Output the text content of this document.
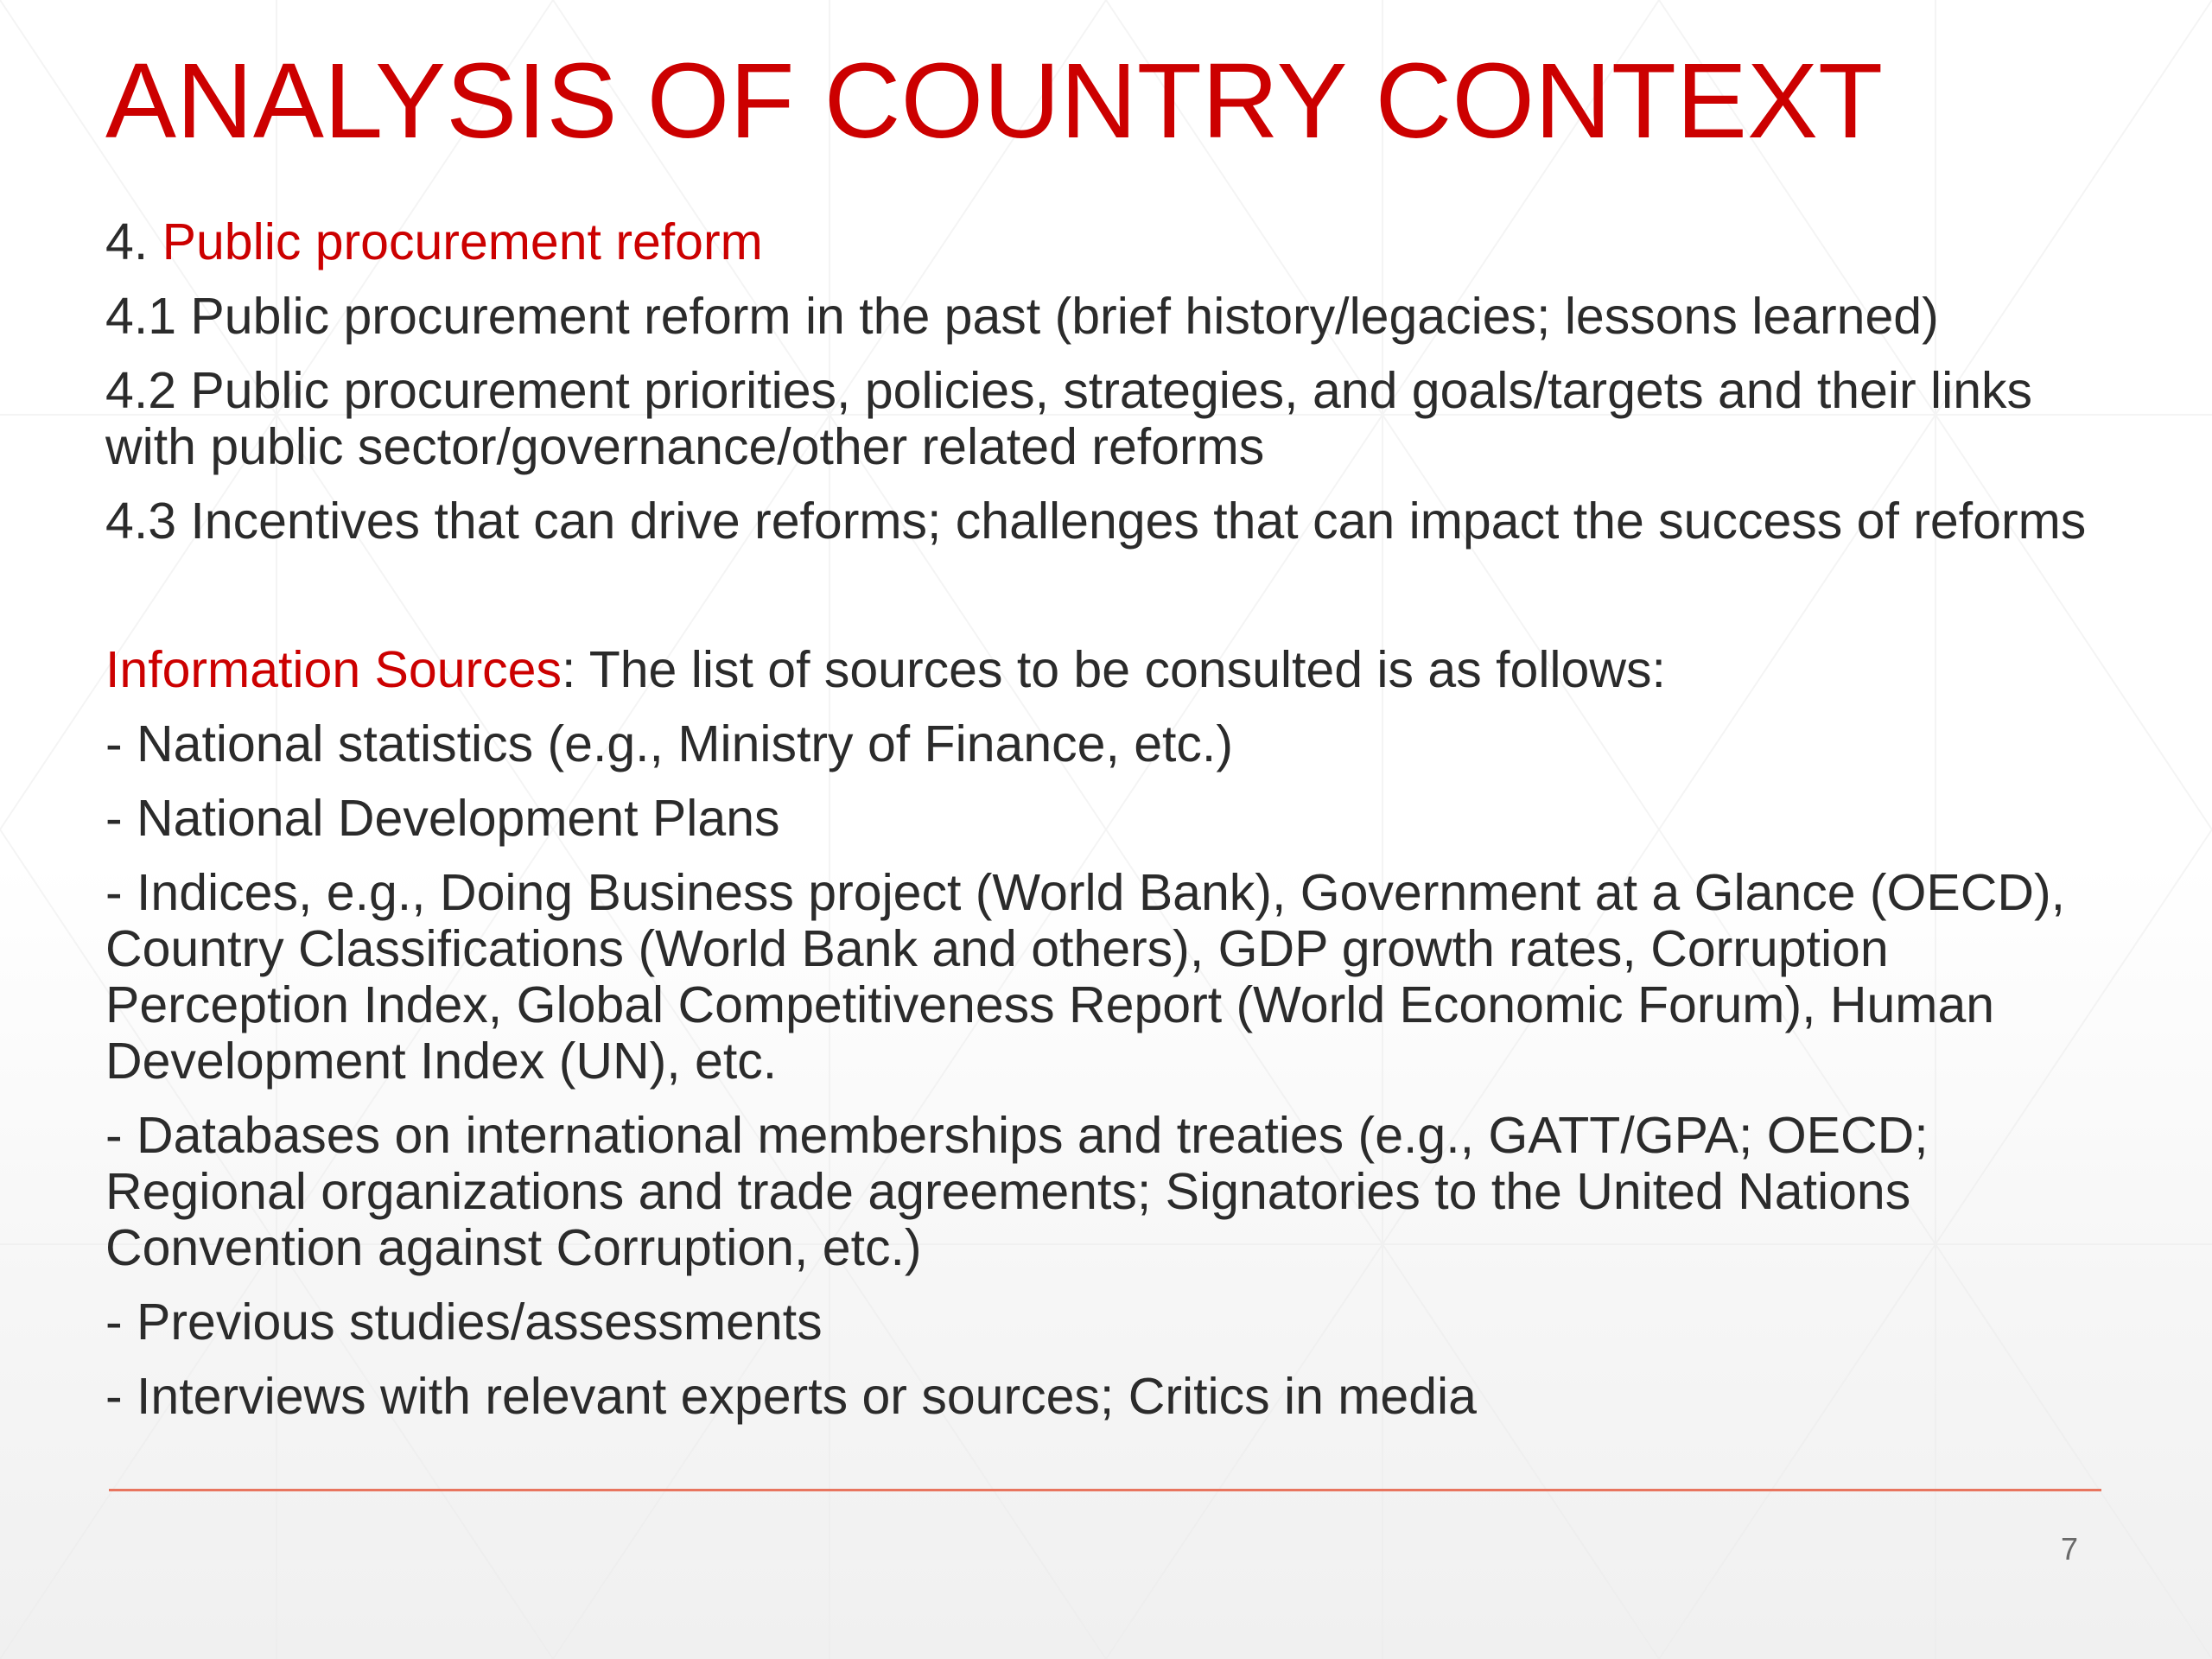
ANALYSIS OF COUNTRY CONTEXT

4. Public procurement reform

4.1 Public procurement reform in the past (brief history/legacies; lessons learned)

4.2 Public procurement priorities, policies, strategies, and goals/targets and their links with public sector/governance/other related reforms

4.3 Incentives that can drive reforms; challenges that can impact the success of reforms

Information Sources: The list of sources to be consulted is as follows:

- National statistics (e.g., Ministry of Finance, etc.)

- National Development Plans

- Indices, e.g., Doing Business project (World Bank), Government at a Glance (OECD), Country Classifications (World Bank and others), GDP growth rates, Corruption Perception Index, Global Competitiveness Report (World Economic Forum), Human Development Index (UN), etc.

- Databases on international memberships and treaties (e.g., GATT/GPA; OECD; Regional organizations and trade agreements; Signatories to the United Nations Convention against Corruption, etc.)

- Previous studies/assessments

- Interviews with relevant experts or sources; Critics in media

7
